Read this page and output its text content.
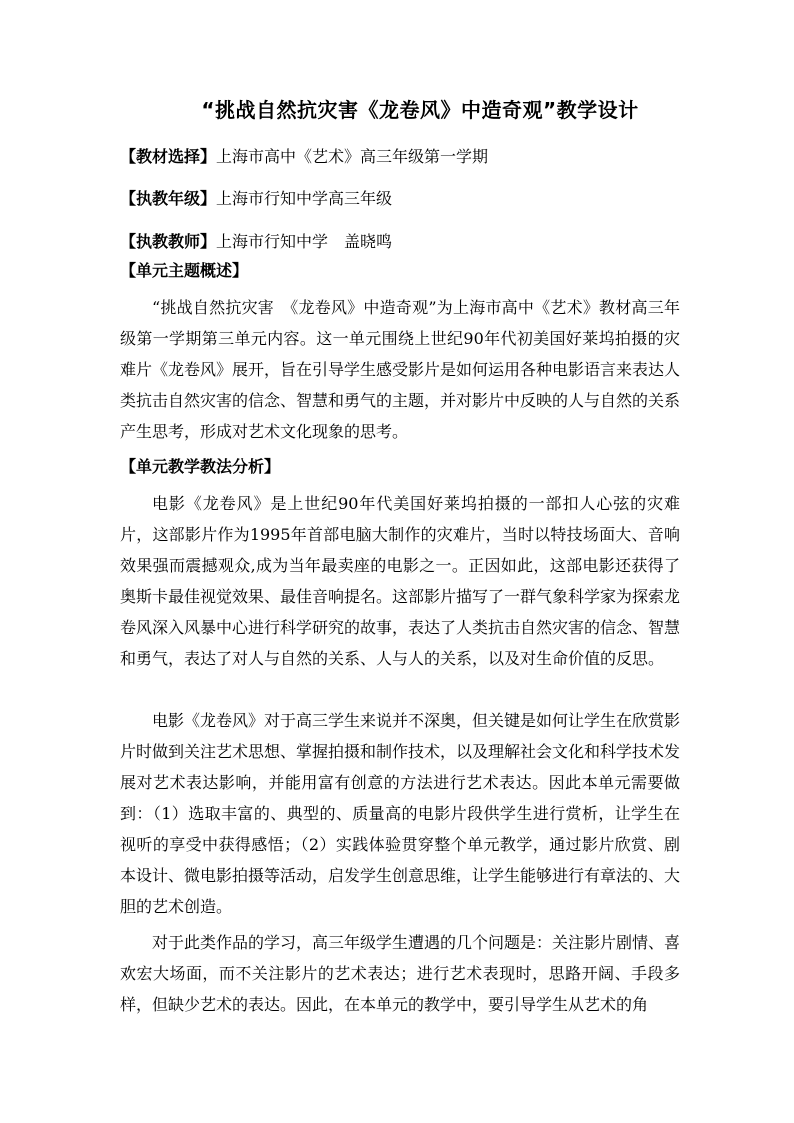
“挑战自然抗灾害《龙卷风》中造奇观”教学设计
【教材选择】上海市高中《艺术》高三年级第一学期
【执教年级】上海市行知中学高三年级
【执教教师】上海市行知中学　盖晓鸣
【单元主题概述】

“挑战自然抗灾害　《龙卷风》中造奇观”为上海市高中《艺术》教材高三年级第一学期第三单元内容。这一单元围绕上世纪90年代初美国好莱坞拍摄的灾难片《龙卷风》展开，旨在引导学生感受影片是如何运用各种电影语言来表达人类抗击自然灾害的信念、智慧和勇气的主题，并对影片中反映的人与自然的关系产生思考，形成对艺术文化现象的思考。

【单元教学教法分析】

电影《龙卷风》是上世纪90年代美国好莱坞拍摄的一部扣人心弦的灾难片，这部影片作为1995年首部电脑大制作的灾难片，当时以特技场面大、音响效果强而震撼观众,成为当年最卖座的电影之一。正因如此，这部电影还获得了奥斯卡最佳视觉效果、最佳音响提名。这部影片描写了一群气象科学家为探索龙卷风深入风暴中心进行科学研究的故事，表达了人类抗击自然灾害的信念、智慧和勇气，表达了对人与自然的关系、人与人的关系，以及对生命价值的反思。

电影《龙卷风》对于高三学生来说并不深奥，但关键是如何让学生在欣赏影片时做到关注艺术思想、掌握拍摄和制作技术，以及理解社会文化和科学技术发展对艺术表达影响，并能用富有创意的方法进行艺术表达。因此本单元需要做到：（1）选取丰富的、典型的、质量高的电影片段供学生进行赏析，让学生在视听的享受中获得感悟；（2）实践体验贯穿整个单元教学，通过影片欣赏、剧本设计、微电影拍摄等活动，启发学生创意思维，让学生能够进行有章法的、大胆的艺术创造。

对于此类作品的学习，高三年级学生遭遇的几个问题是：关注影片剧情、喜欢宏大场面，而不关注影片的艺术表达；进行艺术表现时，思路开阔、手段多样，但缺少艺术的表达。因此，在本单元的教学中，要引导学生从艺术的角
